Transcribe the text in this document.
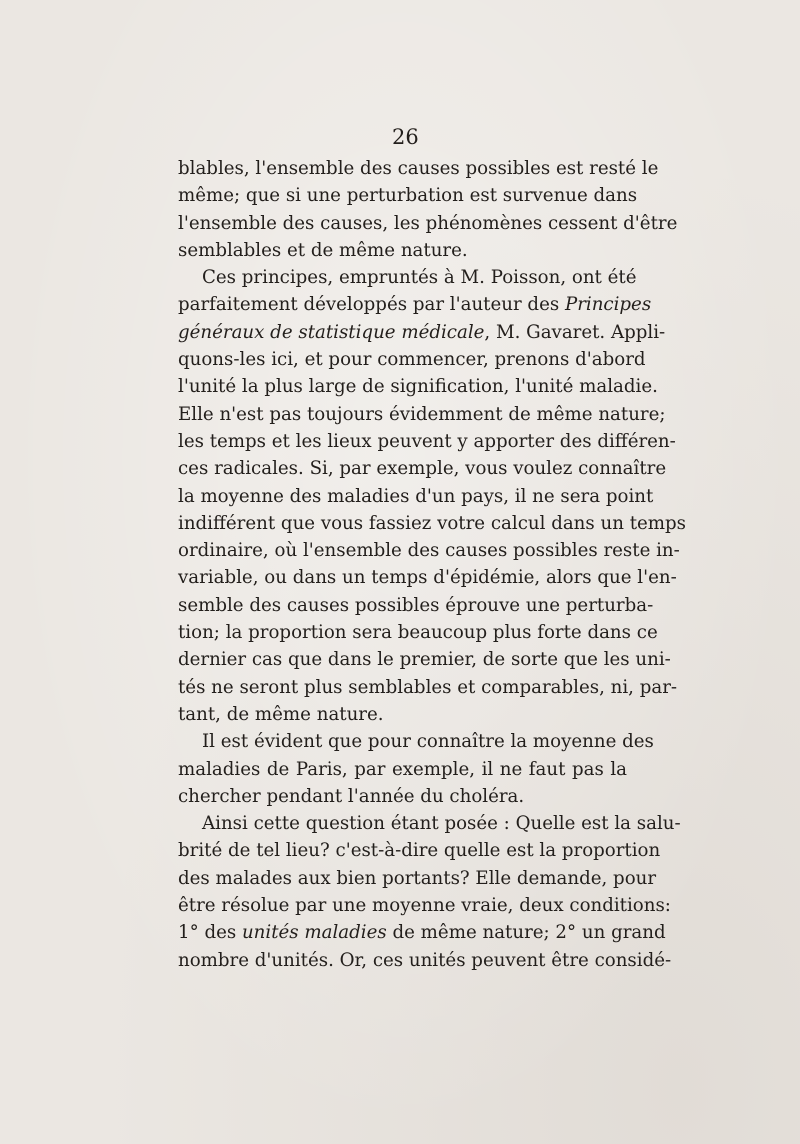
26
blables, l'ensemble des causes possibles est resté le
même; que si une perturbation est survenue dans
l'ensemble des causes, les phénomènes cessent d'être
semblables et de même nature.
Ces principes, empruntés à M. Poisson, ont été
parfaitement développés par l'auteur des Principes
généraux de statistique médicale, M. Gavaret. Appli-
quons-les ici, et pour commencer, prenons d'abord
l'unité la plus large de signification, l'unité maladie.
Elle n'est pas toujours évidemment de même nature;
les temps et les lieux peuvent y apporter des différen-
ces radicales. Si, par exemple, vous voulez connaître
la moyenne des maladies d'un pays, il ne sera point
indifférent que vous fassiez votre calcul dans un temps
ordinaire, où l'ensemble des causes possibles reste in-
variable, ou dans un temps d'épidémie, alors que l'en-
semble des causes possibles éprouve une perturba-
tion; la proportion sera beaucoup plus forte dans ce
dernier cas que dans le premier, de sorte que les uni-
tés ne seront plus semblables et comparables, ni, par-
tant, de même nature.
Il est évident que pour connaître la moyenne des
maladies de Paris, par exemple, il ne faut pas la
chercher pendant l'année du choléra.
Ainsi cette question étant posée : Quelle est la salu-
brité de tel lieu? c'est-à-dire quelle est la proportion
des malades aux bien portants? Elle demande, pour
être résolue par une moyenne vraie, deux conditions:
1° des unités maladies de même nature; 2° un grand
nombre d'unités. Or, ces unités peuvent être considé-
